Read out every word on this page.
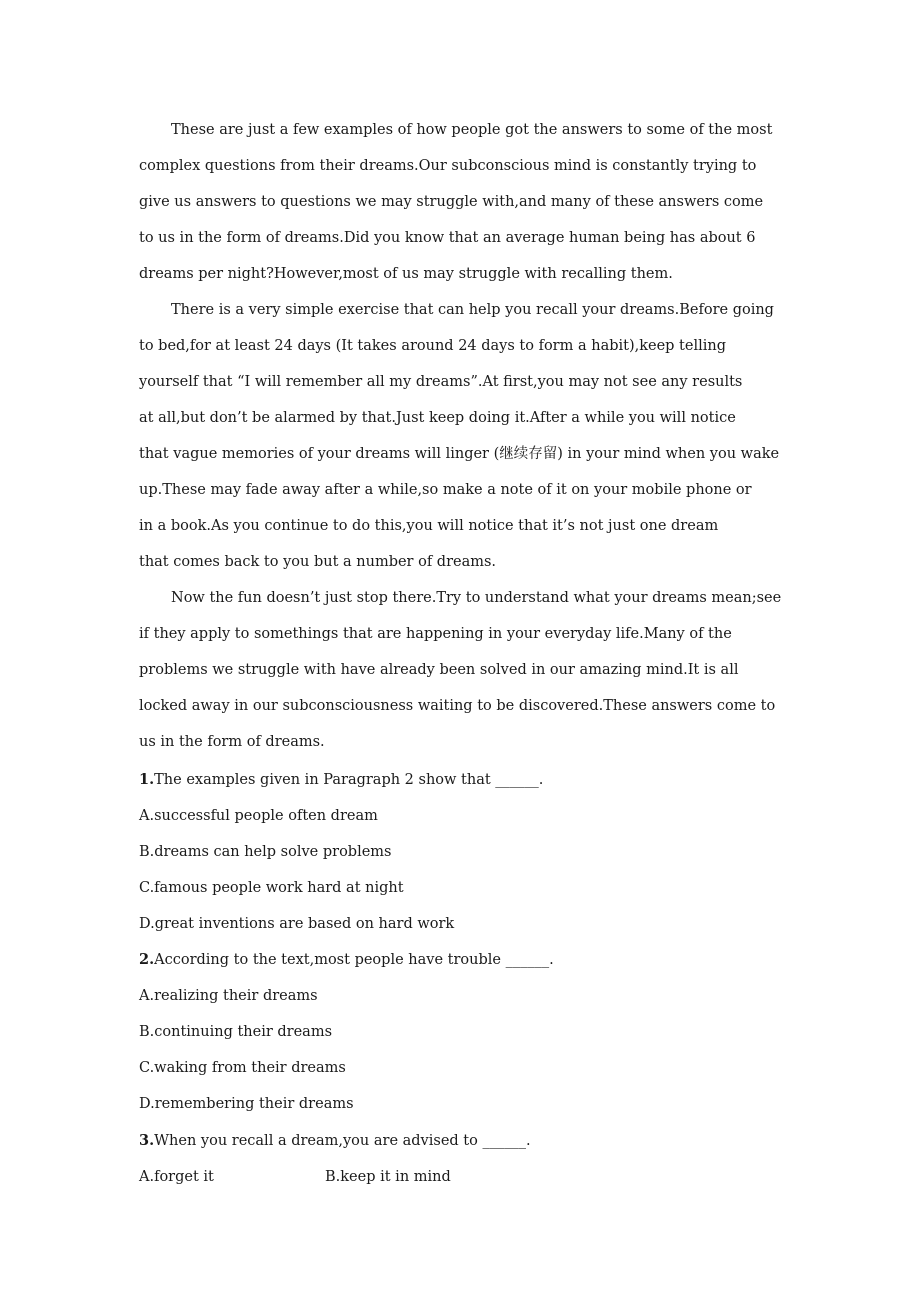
These are just a few examples of how people got the answers to some of the most
complex questions from their dreams.Our subconscious mind is constantly trying to
give us answers to questions we may struggle with,and many of these answers come
to us in the form of dreams.Did you know that an average human being has about 6
dreams per night?However,most of us may struggle with recalling them.
There is a very simple exercise that can help you recall your dreams.Before going
to bed,for at least 24 days (It takes around 24 days to form a habit),keep telling
yourself that “I will remember all my dreams”.At first,you may not see any results
at all,but don’t be alarmed by that.Just keep doing it.After a while you will notice
that vague memories of your dreams will linger (继续存留) in your mind when you wake
up.These may fade away after a while,so make a note of it on your mobile phone or
in a book.As you continue to do this,you will notice that it’s not just one dream
that comes back to you but a number of dreams.
Now the fun doesn’t just stop there.Try to understand what your dreams mean;see
if they apply to somethings that are happening in your everyday life.Many of the
problems we struggle with have already been solved in our amazing mind.It is all
locked away in our subconsciousness waiting to be discovered.These answers come to
us in the form of dreams.
1.The examples given in Paragraph 2 show that ______.
A.successful people often dream
B.dreams can help solve problems
C.famous people work hard at night
D.great inventions are based on hard work
2.According to the text,most people have trouble ______.
A.realizing their dreams
B.continuing their dreams
C.waking from their dreams
D.remembering their dreams
3.When you recall a dream,you are advised to ______.
A.forget it	B.keep it in mind
